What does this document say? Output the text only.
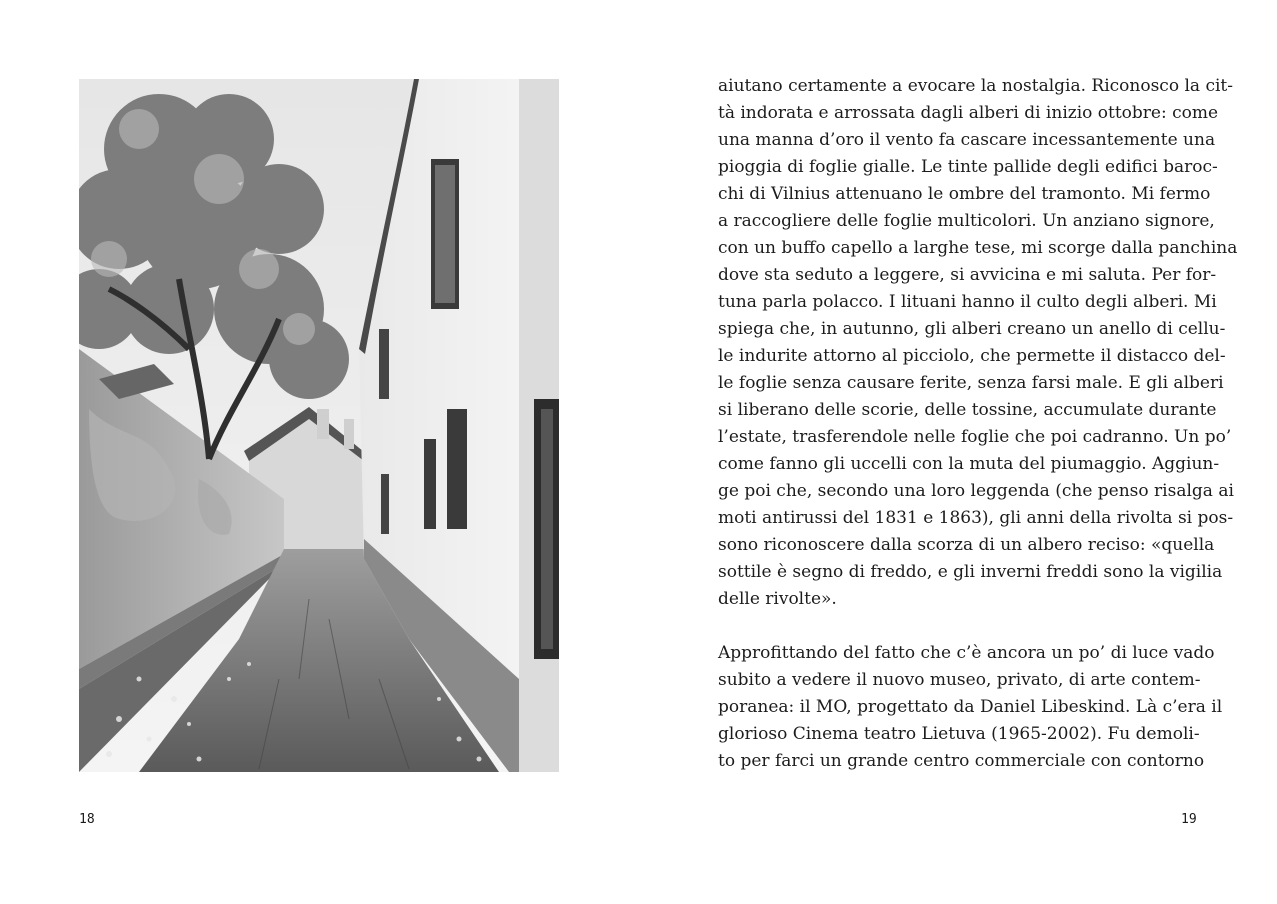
aiutano certamente a evocare la nostalgia. Riconosco la cit-
tà indorata e arrossata dagli alberi di inizio ottobre: come
una manna d’oro il vento fa cascare incessantemente una
pioggia di foglie gialle. Le tinte pallide degli edifici baroc-
chi di Vilnius attenuano le ombre del tramonto. Mi fermo
a raccogliere delle foglie multicolori. Un anziano signore,
con un buffo capello a larghe tese, mi scorge dalla panchina
dove sta seduto a leggere, si avvicina e mi saluta. Per for-
tuna parla polacco. I lituani hanno il culto degli alberi. Mi
spiega che, in autunno, gli alberi creano un anello di cellu-
le indurite attorno al picciolo, che permette il distacco del-
le foglie senza causare ferite, senza farsi male. E gli alberi
si liberano delle scorie, delle tossine, accumulate durante
l’estate, trasferendole nelle foglie che poi cadranno. Un po’
come fanno gli uccelli con la muta del piumaggio. Aggiun-
ge poi che, secondo una loro leggenda (che penso risalga ai
moti antirussi del 1831 e 1863), gli anni della rivolta si pos-
sono riconoscere dalla scorza di un albero reciso: «quella
sottile è segno di freddo, e gli inverni freddi sono la vigilia
delle rivolte».
Approfittando del fatto che c’è ancora un po’ di luce vado
subito a vedere il nuovo museo, privato, di arte contem-
poranea: il MO, progettato da Daniel Libeskind. Là c’era il
glorioso Cinema teatro Lietuva (1965-2002). Fu demoli-
to per farci un grande centro commerciale con contorno
18	19
